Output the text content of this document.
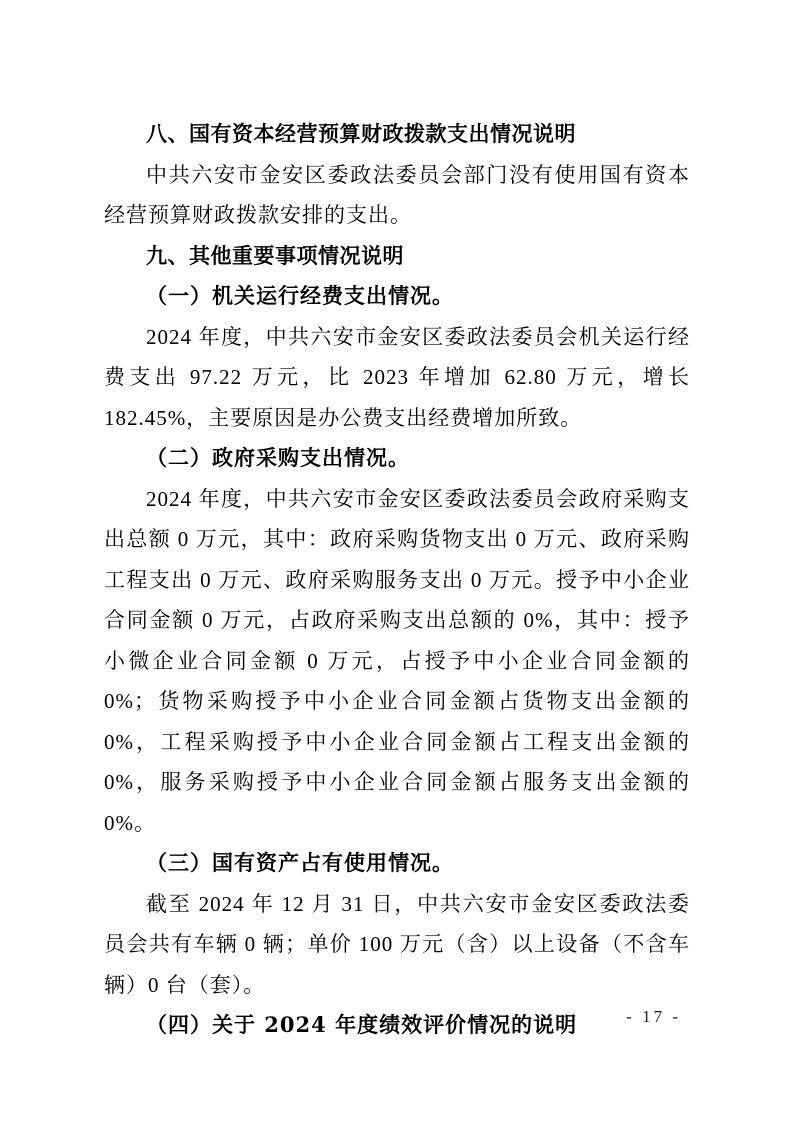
八、国有资本经营预算财政拨款支出情况说明

中共六安市金安区委政法委员会部门没有使用国有资本经营预算财政拨款安排的支出。

九、其他重要事项情况说明

（一）机关运行经费支出情况。

2024 年度，中共六安市金安区委政法委员会机关运行经费支出 97.22 万元，比 2023 年增加 62.80 万元，增长 182.45%，主要原因是办公费支出经费增加所致。

（二）政府采购支出情况。

2024 年度，中共六安市金安区委政法委员会政府采购支出总额 0 万元，其中：政府采购货物支出 0 万元、政府采购工程支出 0 万元、政府采购服务支出 0 万元。授予中小企业合同金额 0 万元，占政府采购支出总额的 0%，其中：授予小微企业合同金额 0 万元，占授予中小企业合同金额的 0%；货物采购授予中小企业合同金额占货物支出金额的 0%，工程采购授予中小企业合同金额占工程支出金额的 0%，服务采购授予中小企业合同金额占服务支出金额的 0%。

（三）国有资产占有使用情况。

截至 2024 年 12 月 31 日，中共六安市金安区委政法委员会共有车辆 0 辆；单价 100 万元（含）以上设备（不含车辆）0 台（套）。

（四）关于 2024 年度绩效评价情况的说明	- 17 -
